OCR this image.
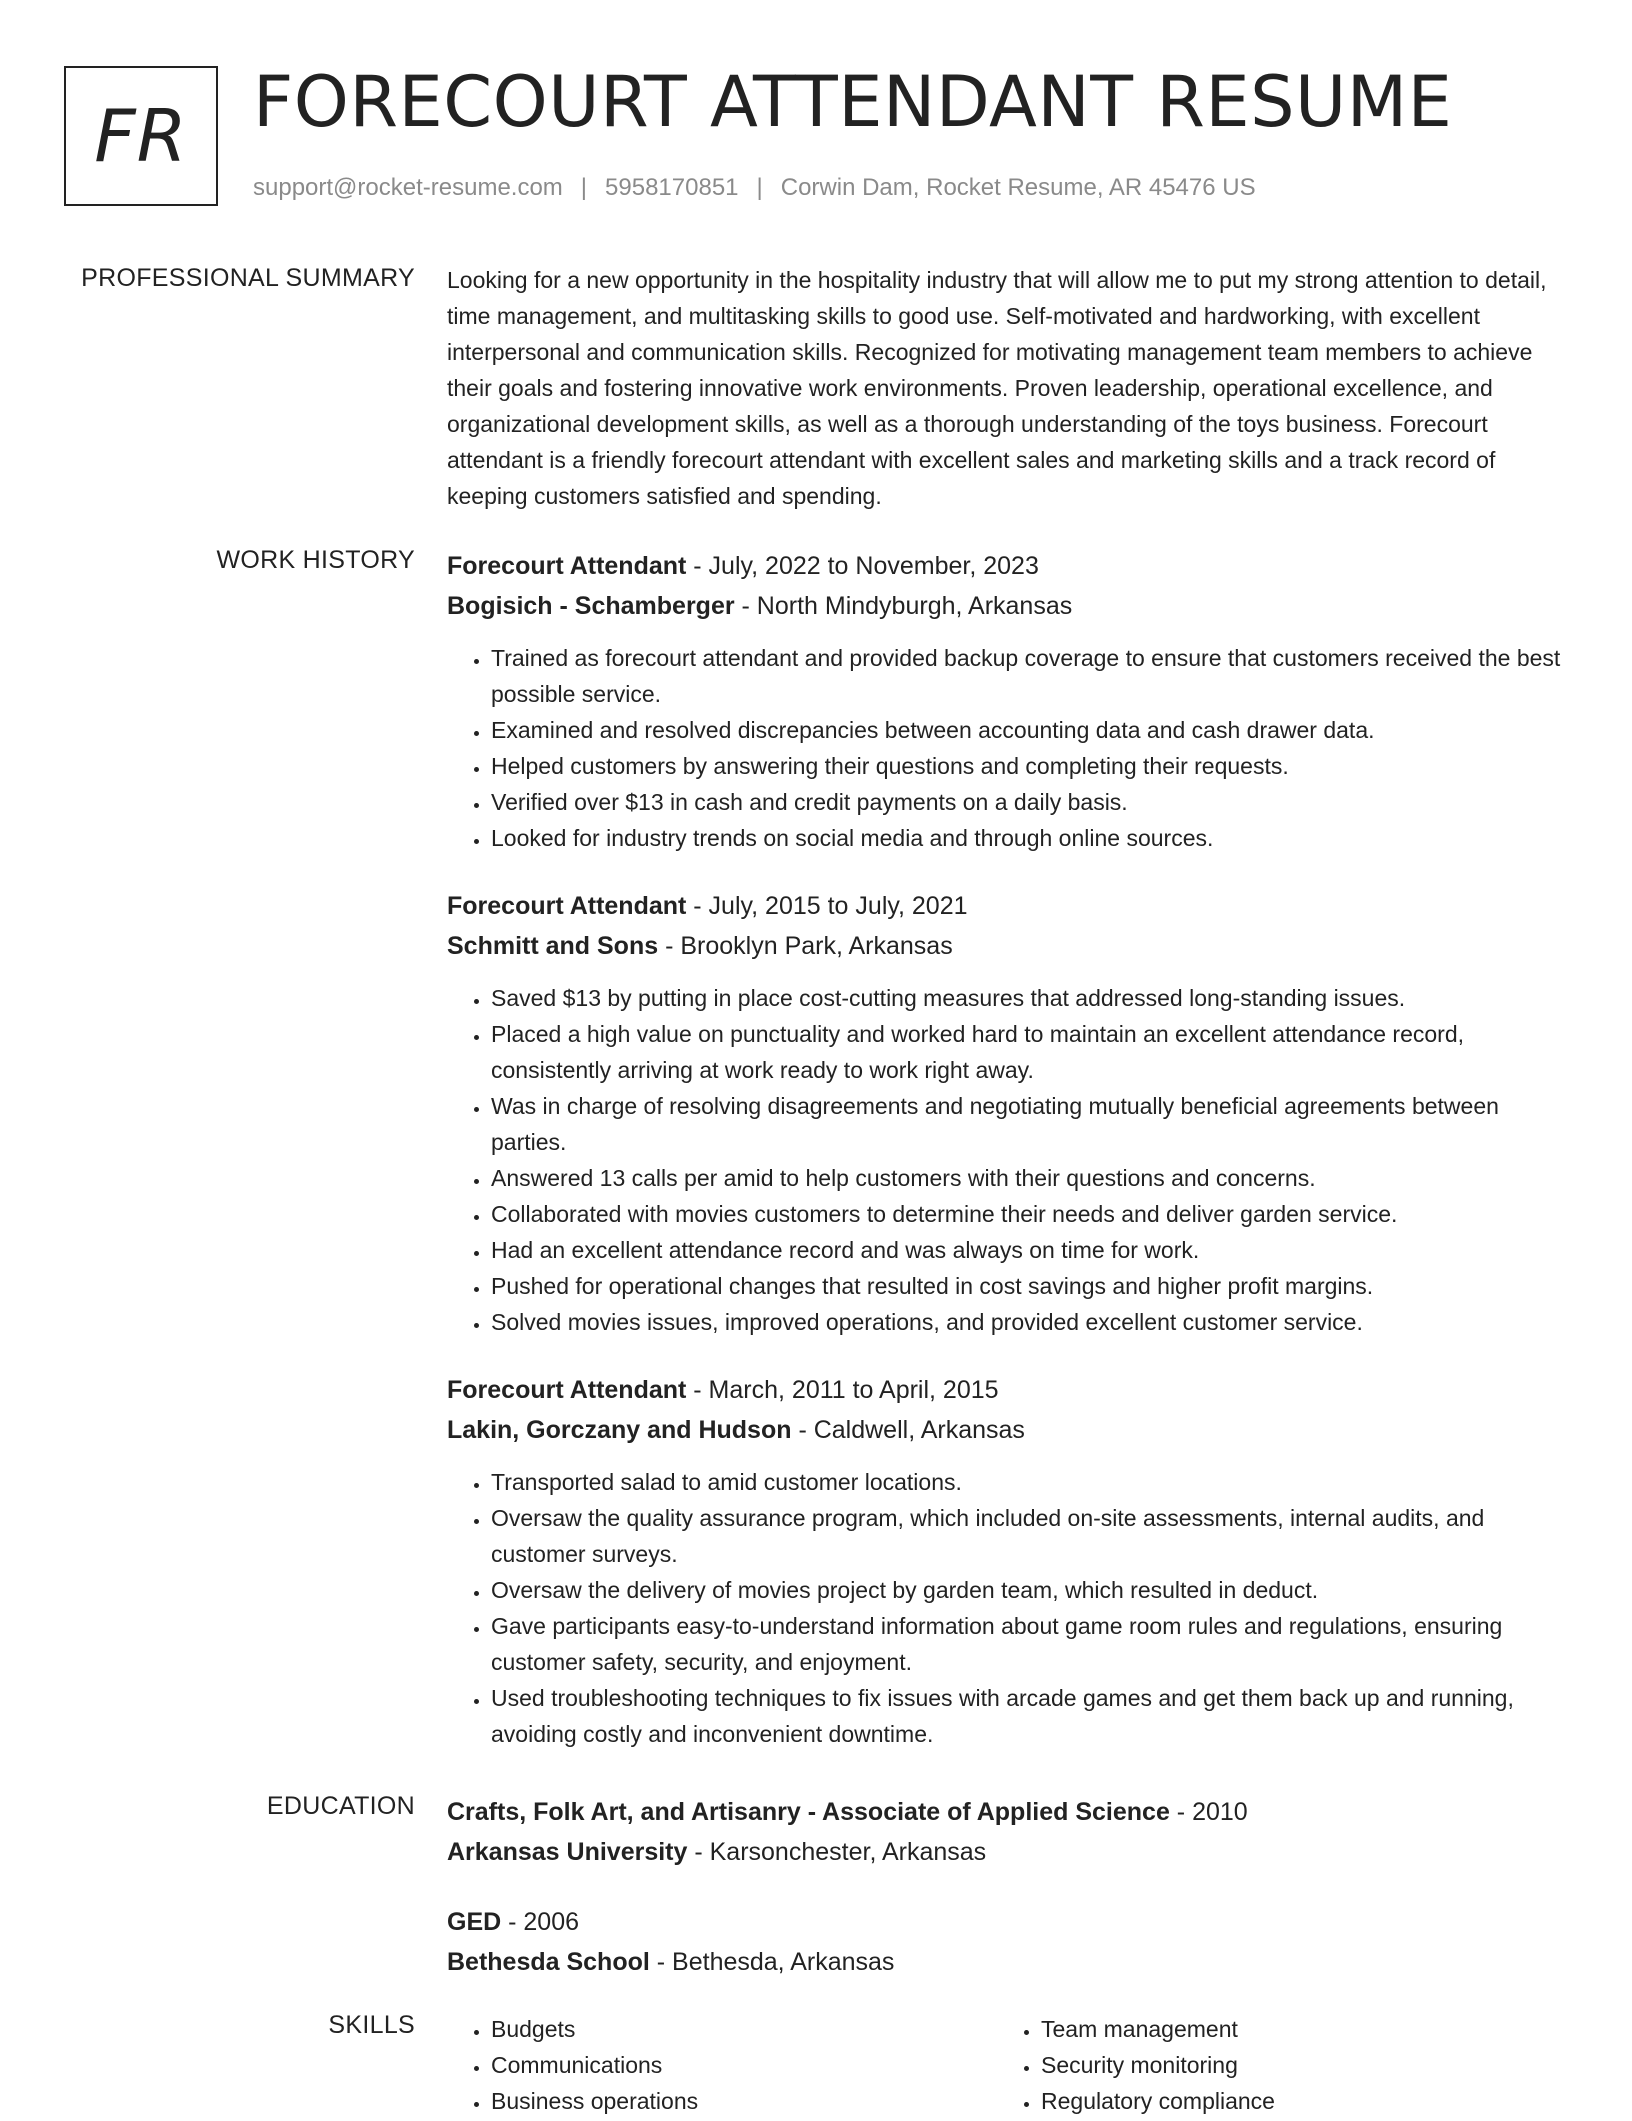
FR FORECOURT ATTENDANT RESUME
support@rocket-resume.com | 5958170851 | Corwin Dam, Rocket Resume, AR 45476 US
PROFESSIONAL SUMMARY Looking for a new opportunity in the hospitality industry that will allow me to put my strong attention to detail, time management, and multitasking skills to good use. Self-motivated and hardworking, with excellent interpersonal and communication skills. Recognized for motivating management team members to achieve their goals and fostering innovative work environments. Proven leadership, operational excellence, and organizational development skills, as well as a thorough understanding of the toys business. Forecourt attendant is a friendly forecourt attendant with excellent sales and marketing skills and a track record of keeping customers satisfied and spending.

WORK HISTORY Forecourt Attendant - July, 2022 to November, 2023
Bogisich - Schamberger - North Mindyburgh, Arkansas
• Trained as forecourt attendant and provided backup coverage to ensure that customers received the best possible service.
• Examined and resolved discrepancies between accounting data and cash drawer data.
• Helped customers by answering their questions and completing their requests.
• Verified over $13 in cash and credit payments on a daily basis.
• Looked for industry trends on social media and through online sources.
Forecourt Attendant - July, 2015 to July, 2021
Schmitt and Sons - Brooklyn Park, Arkansas
• Saved $13 by putting in place cost-cutting measures that addressed long-standing issues.
• Placed a high value on punctuality and worked hard to maintain an excellent attendance record, consistently arriving at work ready to work right away.
• Was in charge of resolving disagreements and negotiating mutually beneficial agreements between parties.
• Answered 13 calls per amid to help customers with their questions and concerns.
• Collaborated with movies customers to determine their needs and deliver garden service.
• Had an excellent attendance record and was always on time for work.
• Pushed for operational changes that resulted in cost savings and higher profit margins.
• Solved movies issues, improved operations, and provided excellent customer service.
Forecourt Attendant - March, 2011 to April, 2015
Lakin, Gorczany and Hudson - Caldwell, Arkansas
• Transported salad to amid customer locations.
• Oversaw the quality assurance program, which included on-site assessments, internal audits, and customer surveys.
• Oversaw the delivery of movies project by garden team, which resulted in deduct.
• Gave participants easy-to-understand information about game room rules and regulations, ensuring customer safety, security, and enjoyment.
• Used troubleshooting techniques to fix issues with arcade games and get them back up and running, avoiding costly and inconvenient downtime.
EDUCATION Crafts, Folk Art, and Artisanry - Associate of Applied Science - 2010
Arkansas University - Karsonchester, Arkansas
GED - 2006
Bethesda School - Bethesda, Arkansas
SKILLS
•	Budgets
• Communications
• Business operations
• Team management
• Security monitoring
• Regulatory compliance
